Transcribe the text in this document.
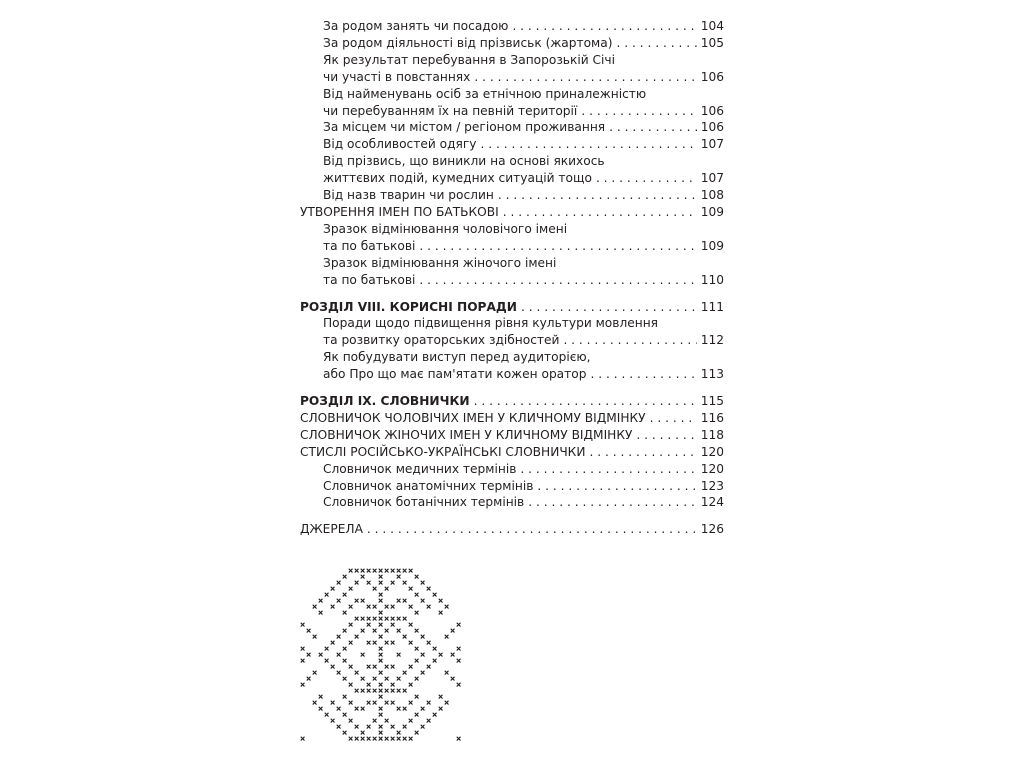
За родом занять чи посадою . . .	104
За родом діяльності від прізвиськ (жартома) . . .	105
Як результат перебування в Запорозькій Січі
чи участі в повстаннях . . .	106
Від найменувань осіб за етнічною приналежністю
чи перебуванням їх на певній території . . .	106
За місцем чи містом / регіоном проживання . . .	106
Від особливостей одягу . . .	107
Від прізвись, що виникли на основі якихось
життєвих подій, кумедних ситуацій тощо . . .	107
Від назв тварин чи рослин . . .	108
УТВОРЕННЯ ІМЕН ПО БАТЬКОВІ . . .	109
Зразок відмінювання чоловічого імені
та по батькові . . .	109
Зразок відмінювання жіночого імені
та по батькові . . .	110
РОЗДІЛ VIII. КОРИСНІ ПОРАДИ . . .	111
Поради щодо підвищення рівня культури мовлення
та розвитку ораторських здібностей . . .	112
Як побудувати виступ перед аудиторією,
або Про що має пам'ятати кожен оратор . . .	113
РОЗДІЛ IX. СЛОВНИЧКИ . . .	115
СЛОВНИЧОК ЧОЛОВІЧИХ ІМЕН У КЛИЧНОМУ ВІДМІНКУ . . .	116
СЛОВНИЧОК ЖІНОЧИХ ІМЕН У КЛИЧНОМУ ВІДМІНКУ . . .	118
СТИСЛІ РОСІЙСЬКО-УКРАЇНСЬКІ СЛОВНИЧКИ . . .	120
Словничок медичних термінів . . .	120
Словничок анатомічних термінів . . .	123
Словничок ботанічних термінів . . .	124
ДЖЕРЕЛА . . .	126
